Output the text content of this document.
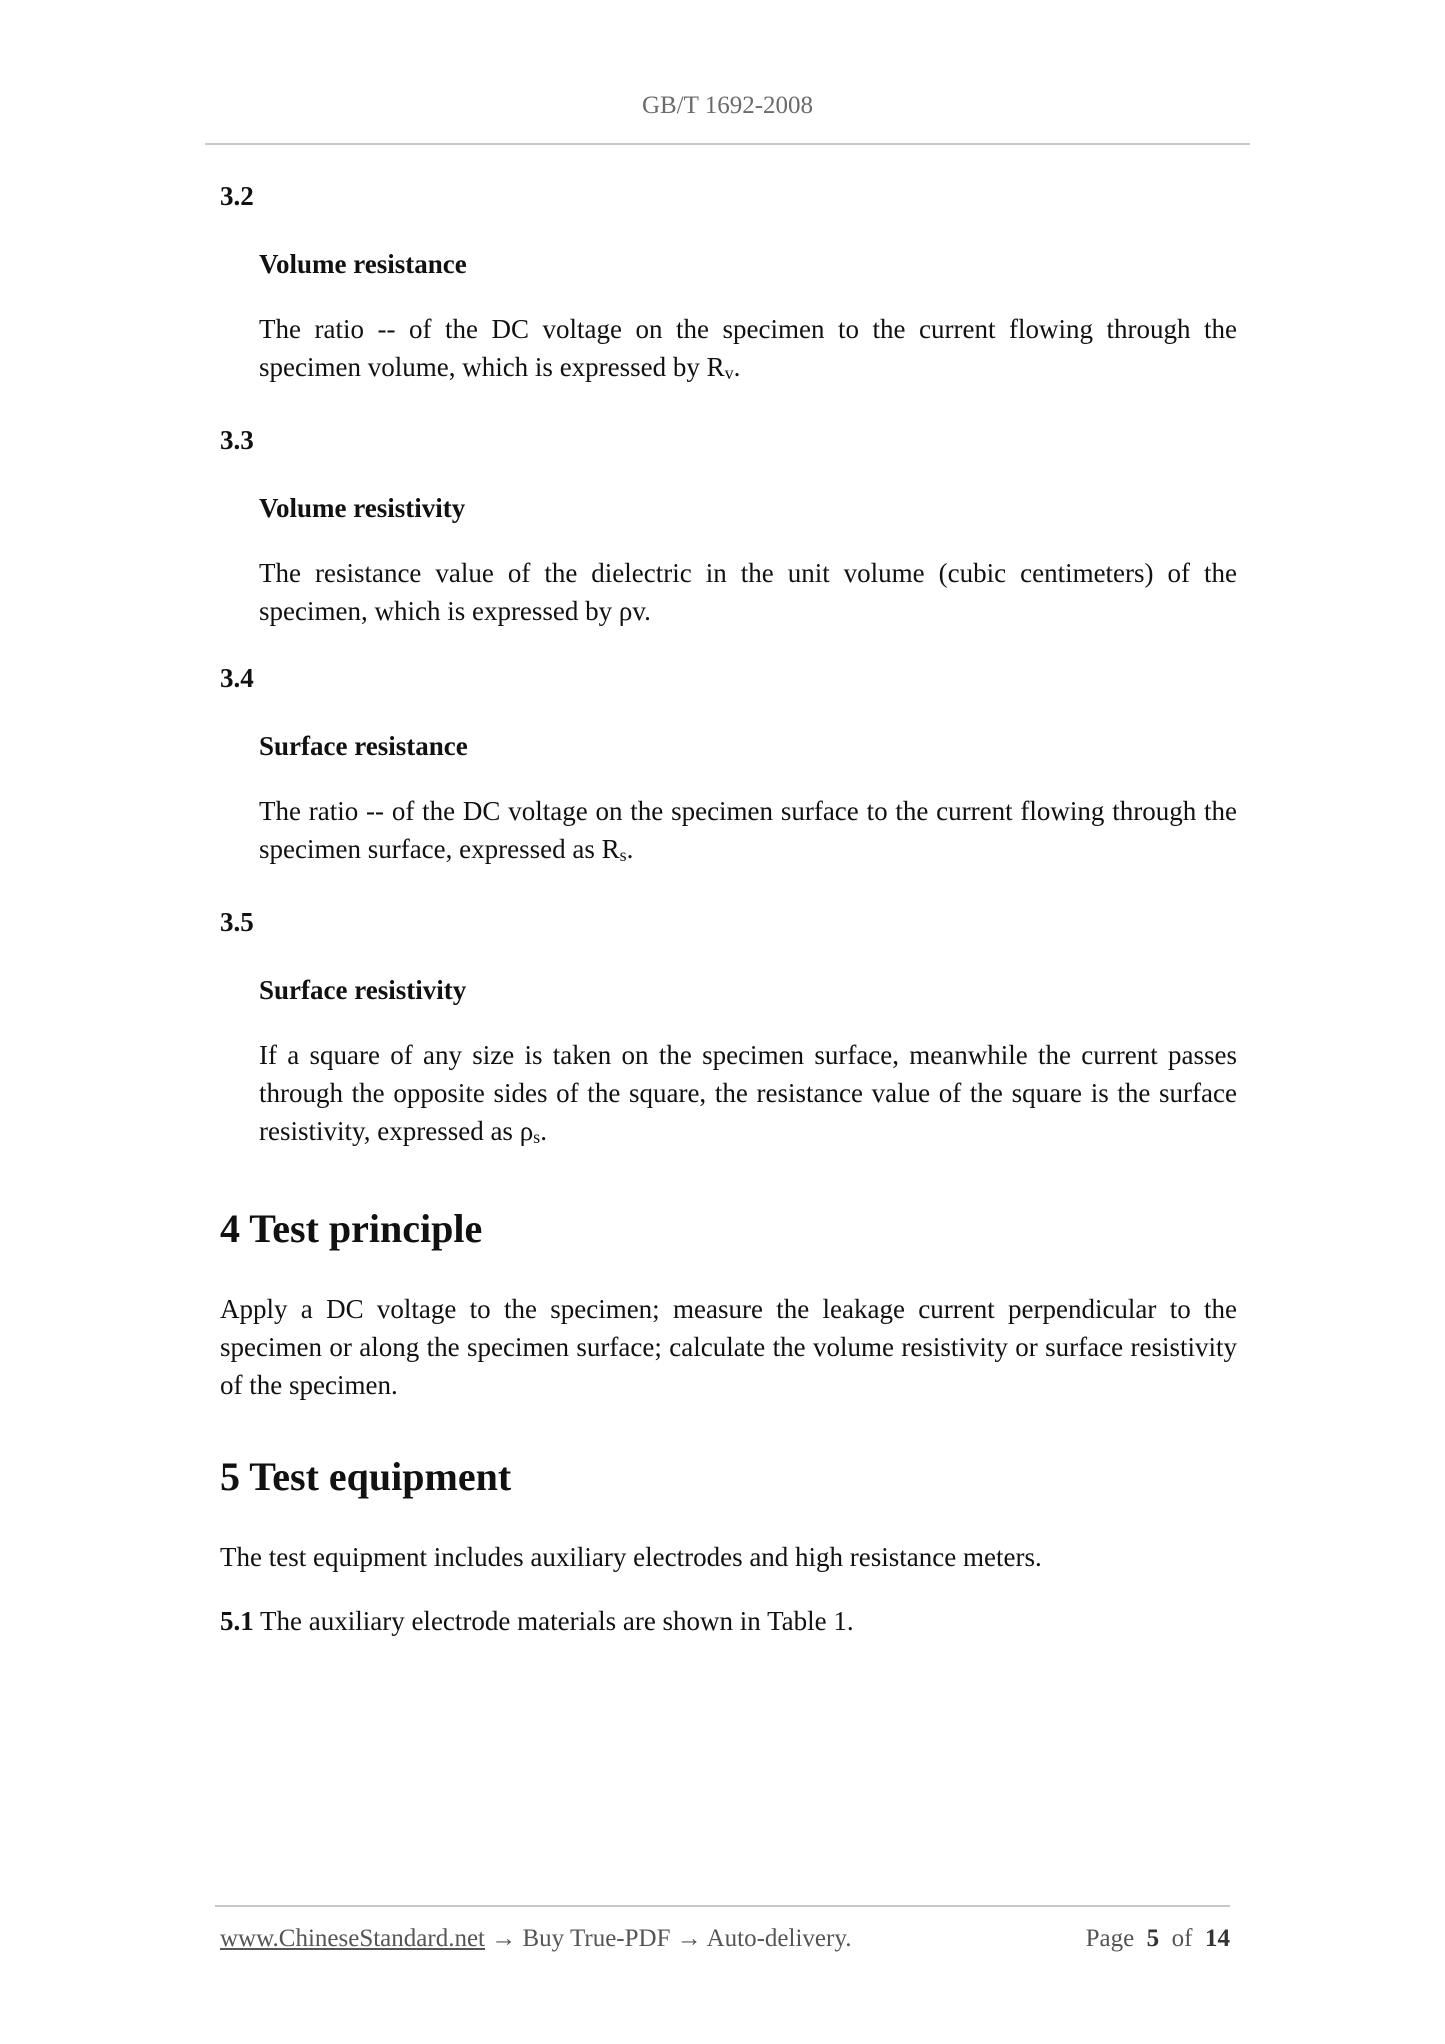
GB/T 1692-2008

3.2

Volume resistance

The ratio -- of the DC voltage on the specimen to the current flowing through the specimen volume, which is expressed by Rv.

3.3

Volume resistivity

The resistance value of the dielectric in the unit volume (cubic centimeters) of the specimen, which is expressed by ρv.

3.4

Surface resistance

The ratio -- of the DC voltage on the specimen surface to the current flowing through the specimen surface, expressed as Rs.

3.5

Surface resistivity

If a square of any size is taken on the specimen surface, meanwhile the current passes through the opposite sides of the square, the resistance value of the square is the surface resistivity, expressed as ρs.

4 Test principle

Apply a DC voltage to the specimen; measure the leakage current perpendicular to the specimen or along the specimen surface; calculate the volume resistivity or surface resistivity of the specimen.

5 Test equipment

The test equipment includes auxiliary electrodes and high resistance meters.

5.1 The auxiliary electrode materials are shown in Table 1.

www.ChineseStandard.net → Buy True-PDF → Auto-delivery.	Page 5 of 14
